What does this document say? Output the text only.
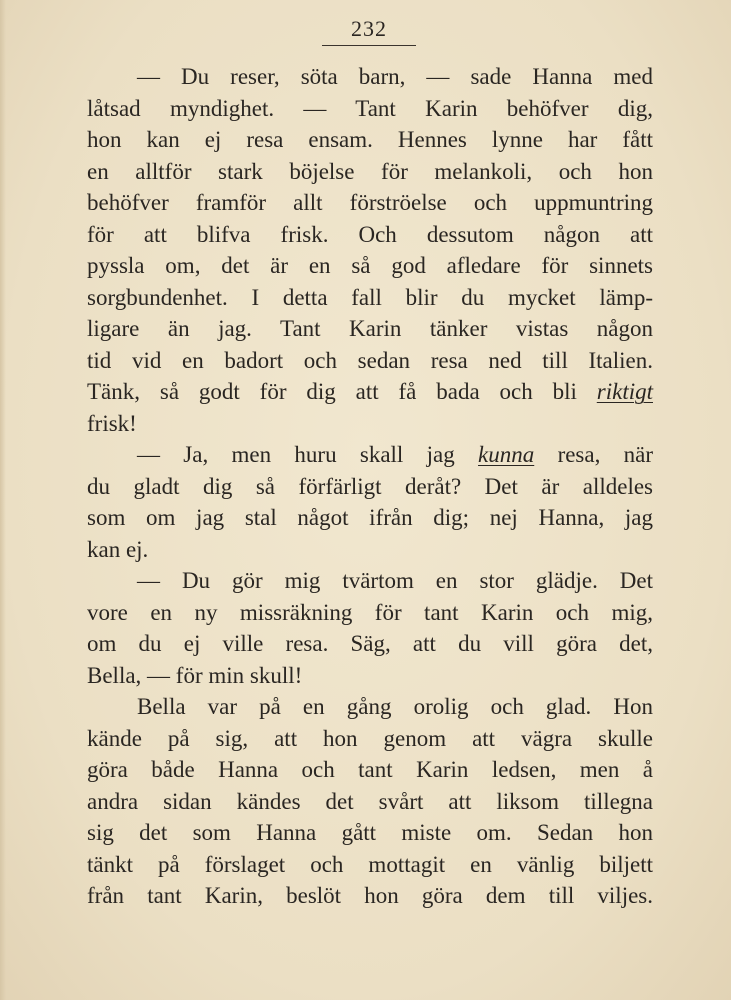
232
— Du reser, söta barn, — sade Hanna med
låtsad myndighet. — Tant Karin behöfver dig,
hon kan ej resa ensam. Hennes lynne har fått
en alltför stark böjelse för melankoli, och hon
behöfver framför allt förströelse och uppmuntring
för att blifva frisk. Och dessutom någon att
pyssla om, det är en så god afledare för sinnets
sorgbundenhet. I detta fall blir du mycket lämp-
ligare än jag. Tant Karin tänker vistas någon
tid vid en badort och sedan resa ned till Italien.
Tänk, så godt för dig att få bada och bli riktigt
frisk!
— Ja, men huru skall jag kunna resa, när
du gladt dig så förfärligt deråt? Det är alldeles
som om jag stal något ifrån dig; nej Hanna, jag
kan ej.
— Du gör mig tvärtom en stor glädje. Det
vore en ny missräkning för tant Karin och mig,
om du ej ville resa. Säg, att du vill göra det,
Bella, — för min skull!
Bella var på en gång orolig och glad. Hon
kände på sig, att hon genom att vägra skulle
göra både Hanna och tant Karin ledsen, men å
andra sidan kändes det svårt att liksom tillegna
sig det som Hanna gått miste om. Sedan hon
tänkt på förslaget och mottagit en vänlig biljett
från tant Karin, beslöt hon göra dem till viljes.
